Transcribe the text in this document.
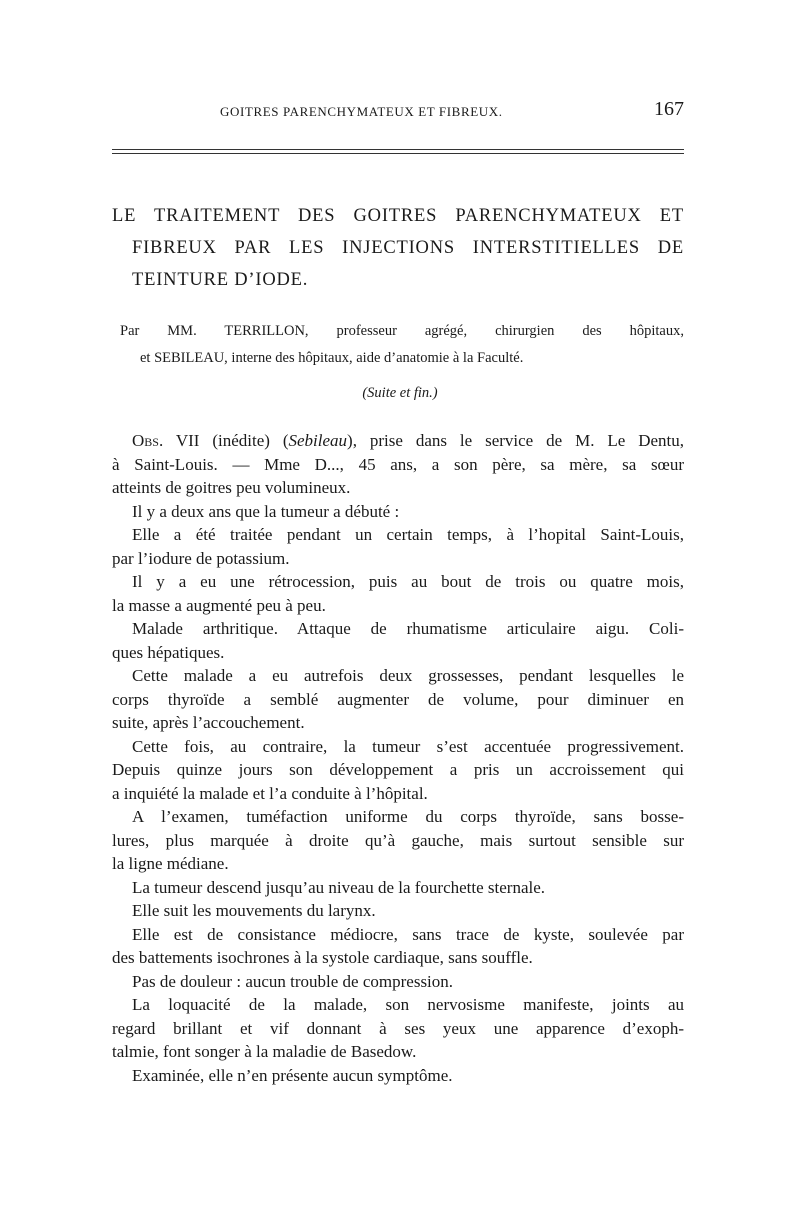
GOITRES PARENCHYMATEUX ET FIBREUX.	167
LE TRAITEMENT DES GOITRES PARENCHYMATEUX ET
FIBREUX PAR LES INJECTIONS INTERSTITIELLES DE
TEINTURE D’IODE.
Par MM. TERRILLON, professeur agrégé, chirurgien des hôpitaux,
et SEBILEAU, interne des hôpitaux, aide d’anatomie à la Faculté.
(Suite et fin.)
Obs. VII (inédite) (Sebileau), prise dans le service de M. Le Dentu,
à Saint-Louis. — Mme D..., 45 ans, a son père, sa mère, sa sœur
atteints de goitres peu volumineux.
Il y a deux ans que la tumeur a débuté :
Elle a été traitée pendant un certain temps, à l’hopital Saint-Louis,
par l’iodure de potassium.
Il y a eu une rétrocession, puis au bout de trois ou quatre mois,
la masse a augmenté peu à peu.
Malade arthritique. Attaque de rhumatisme articulaire aigu. Coli-
ques hépatiques.
Cette malade a eu autrefois deux grossesses, pendant lesquelles le
corps thyroïde a semblé augmenter de volume, pour diminuer en
suite, après l’accouchement.
Cette fois, au contraire, la tumeur s’est accentuée progressivement.
Depuis quinze jours son développement a pris un accroissement qui
a inquiété la malade et l’a conduite à l’hôpital.
A l’examen, tuméfaction uniforme du corps thyroïde, sans bosse-
lures, plus marquée à droite qu’à gauche, mais surtout sensible sur
la ligne médiane.
La tumeur descend jusqu’au niveau de la fourchette sternale.
Elle suit les mouvements du larynx.
Elle est de consistance médiocre, sans trace de kyste, soulevée par
des battements isochrones à la systole cardiaque, sans souffle.
Pas de douleur : aucun trouble de compression.
La loquacité de la malade, son nervosisme manifeste, joints au
regard brillant et vif donnant à ses yeux une apparence d’exoph-
talmie, font songer à la maladie de Basedow.
Examinée, elle n’en présente aucun symptôme.
